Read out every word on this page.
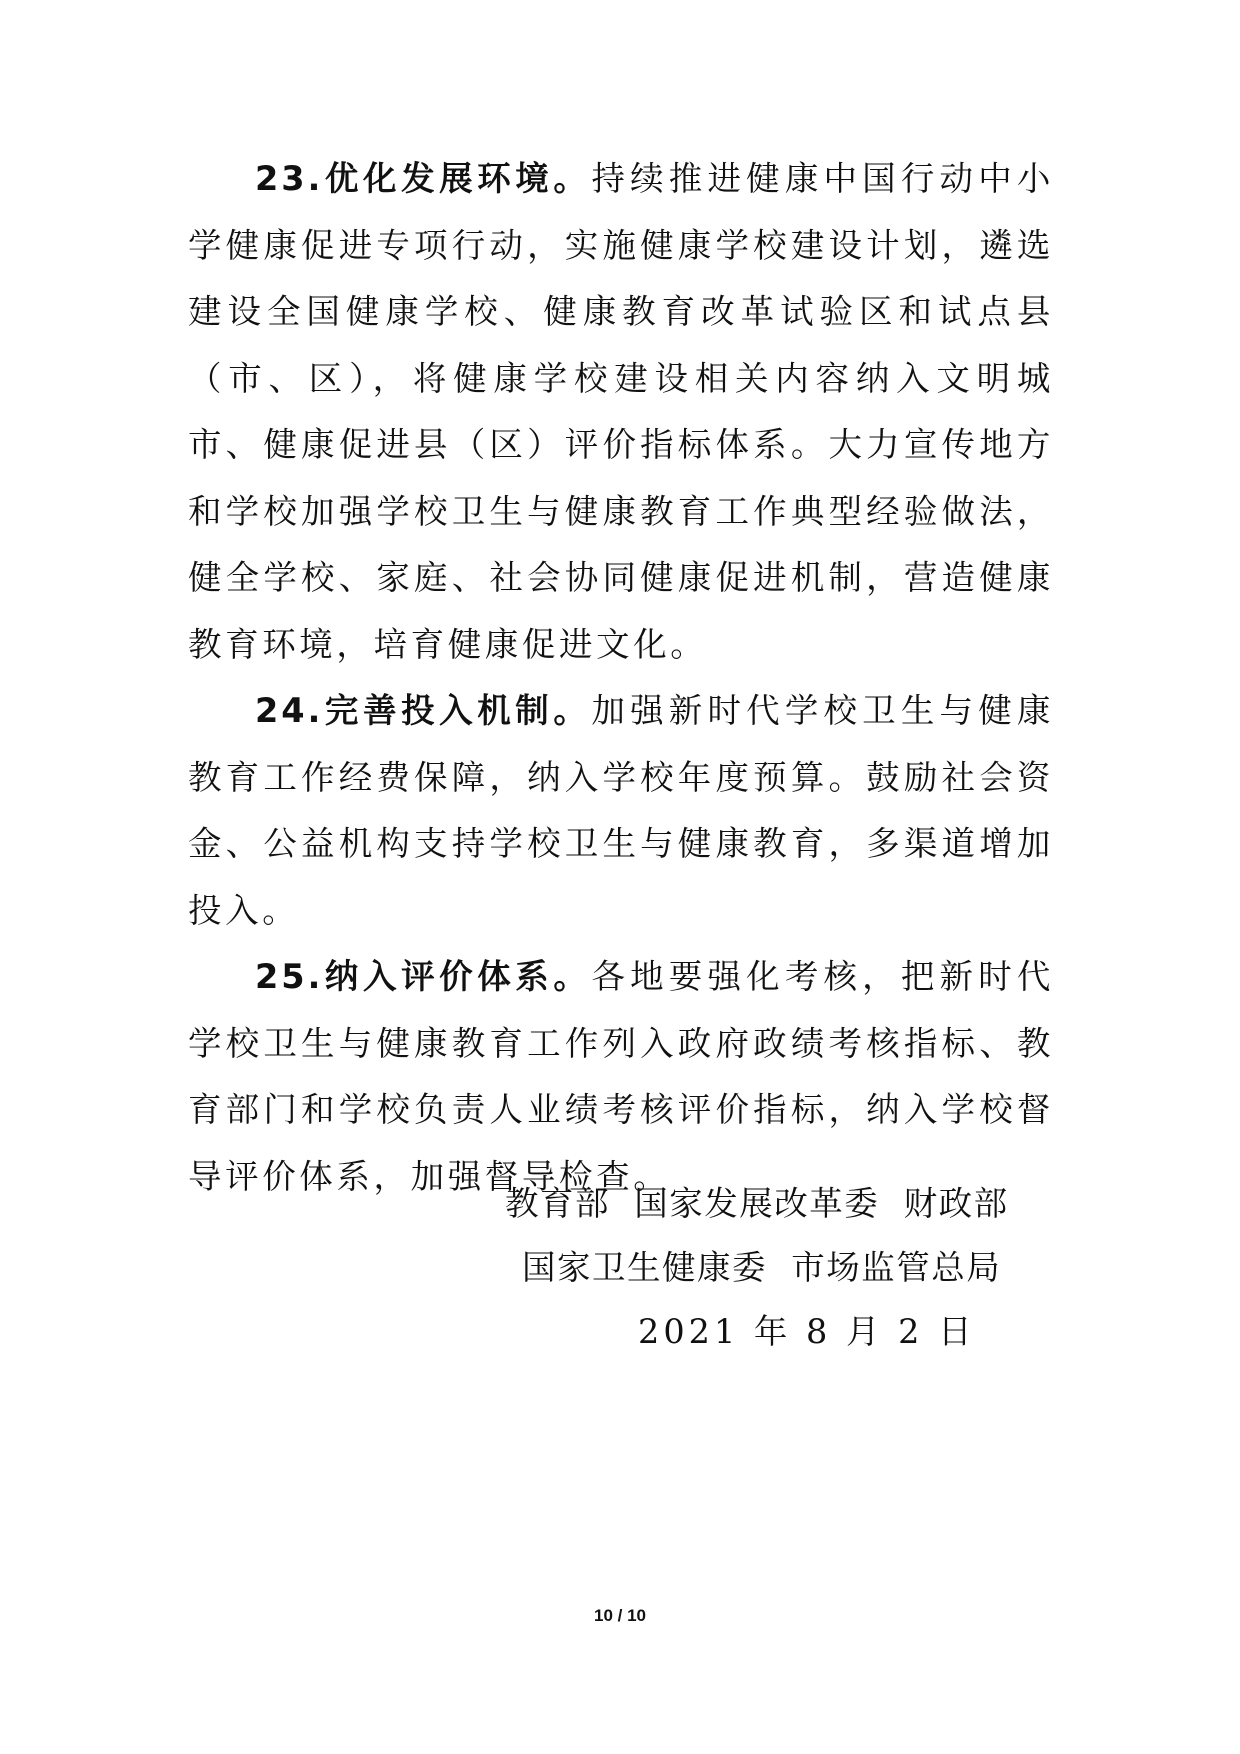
23.优化发展环境。持续推进健康中国行动中小学健康促进专项行动，实施健康学校建设计划，遴选建设全国健康学校、健康教育改革试验区和试点县（市、区），将健康学校建设相关内容纳入文明城市、健康促进县（区）评价指标体系。大力宣传地方和学校加强学校卫生与健康教育工作典型经验做法，健全学校、家庭、社会协同健康促进机制，营造健康教育环境，培育健康促进文化。

24.完善投入机制。加强新时代学校卫生与健康教育工作经费保障，纳入学校年度预算。鼓励社会资金、公益机构支持学校卫生与健康教育，多渠道增加投入。

25.纳入评价体系。各地要强化考核，把新时代学校卫生与健康教育工作列入政府政绩考核指标、教育部门和学校负责人业绩考核评价指标，纳入学校督导评价体系，加强督导检查。

教育部  国家发展改革委  财政部
国家卫生健康委  市场监管总局
2021 年 8 月 2 日
10 / 10
